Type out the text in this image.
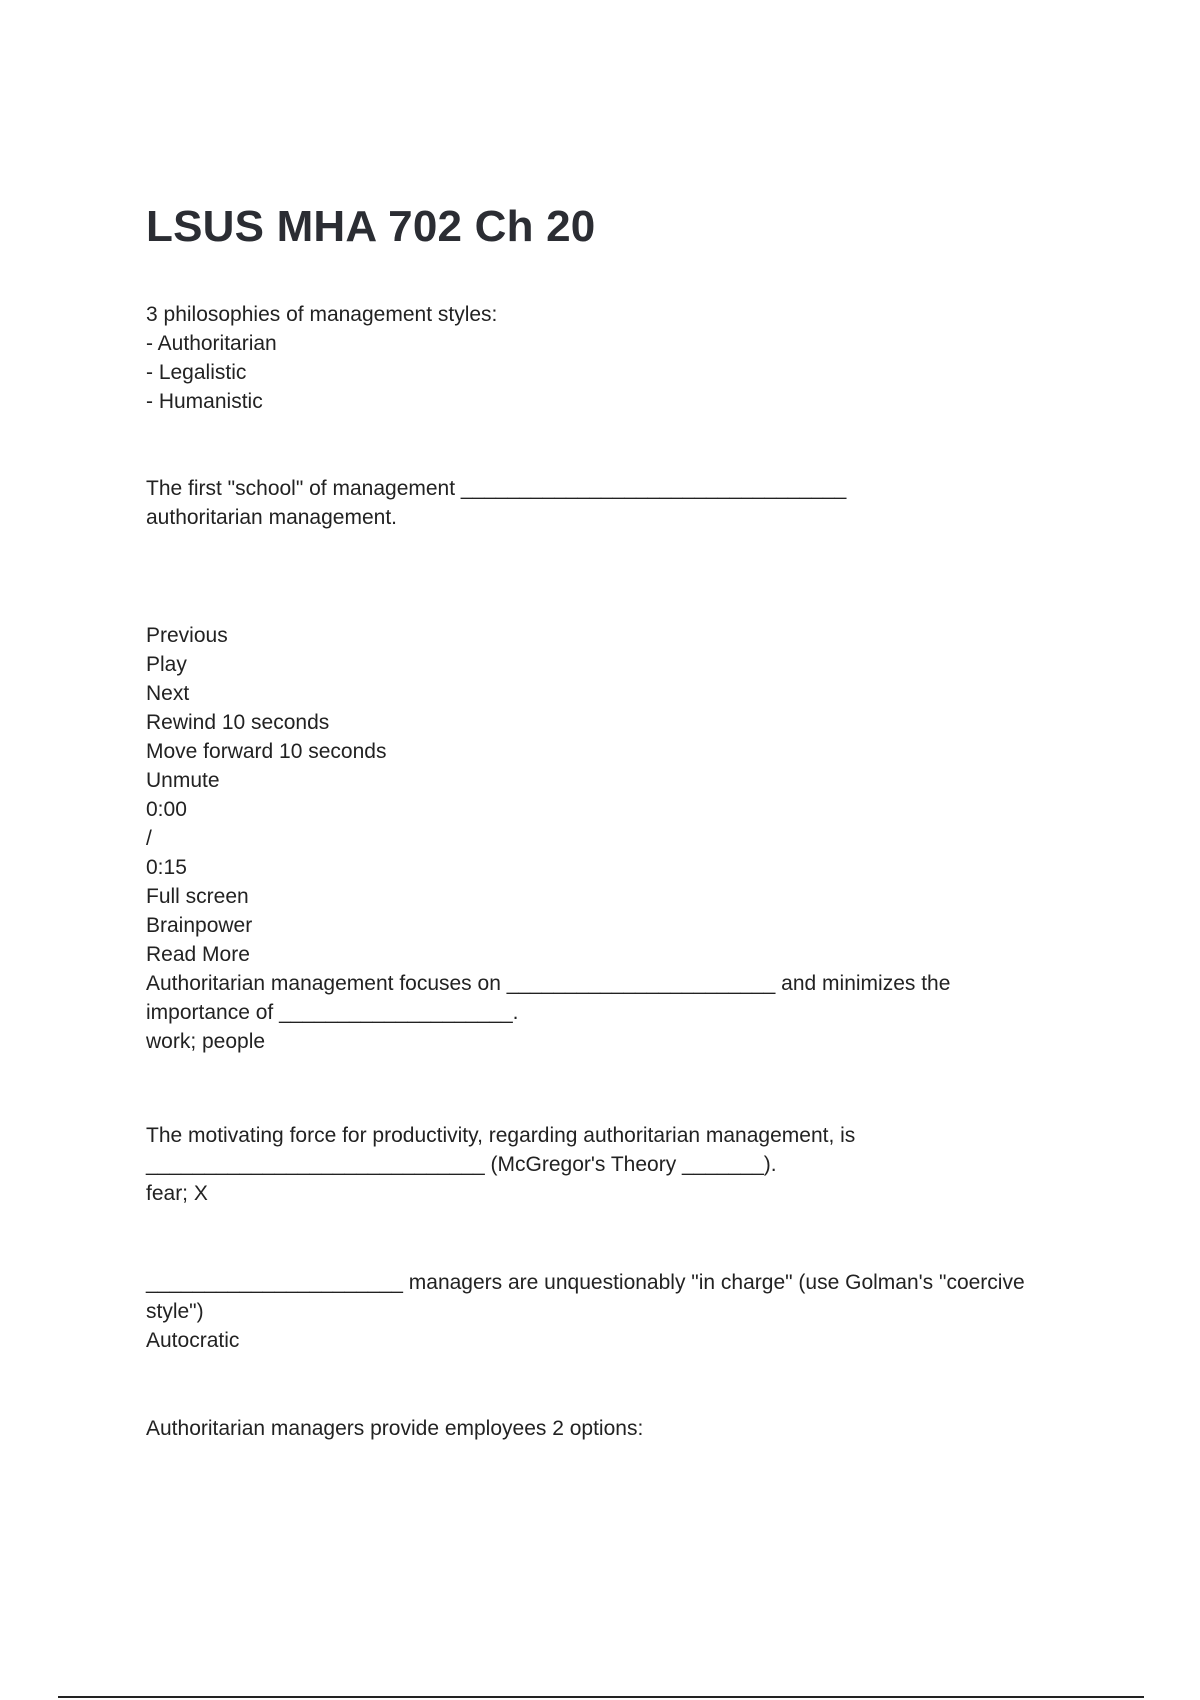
LSUS MHA 702 Ch 20
3 philosophies of management styles:
- Authoritarian
- Legalistic
- Humanistic
The first "school" of management _________________________________
authoritarian management.
Previous
Play
Next
Rewind 10 seconds
Move forward 10 seconds
Unmute
0:00
/
0:15
Full screen
Brainpower
Read More
Authoritarian management focuses on _______________________ and minimizes the
importance of ____________________.
work; people
The motivating force for productivity, regarding authoritarian management, is
_____________________________ (McGregor's Theory _______).
fear; X
______________________ managers are unquestionably "in charge" (use Golman's "coercive
style")
Autocratic
Authoritarian managers provide employees 2 options:
